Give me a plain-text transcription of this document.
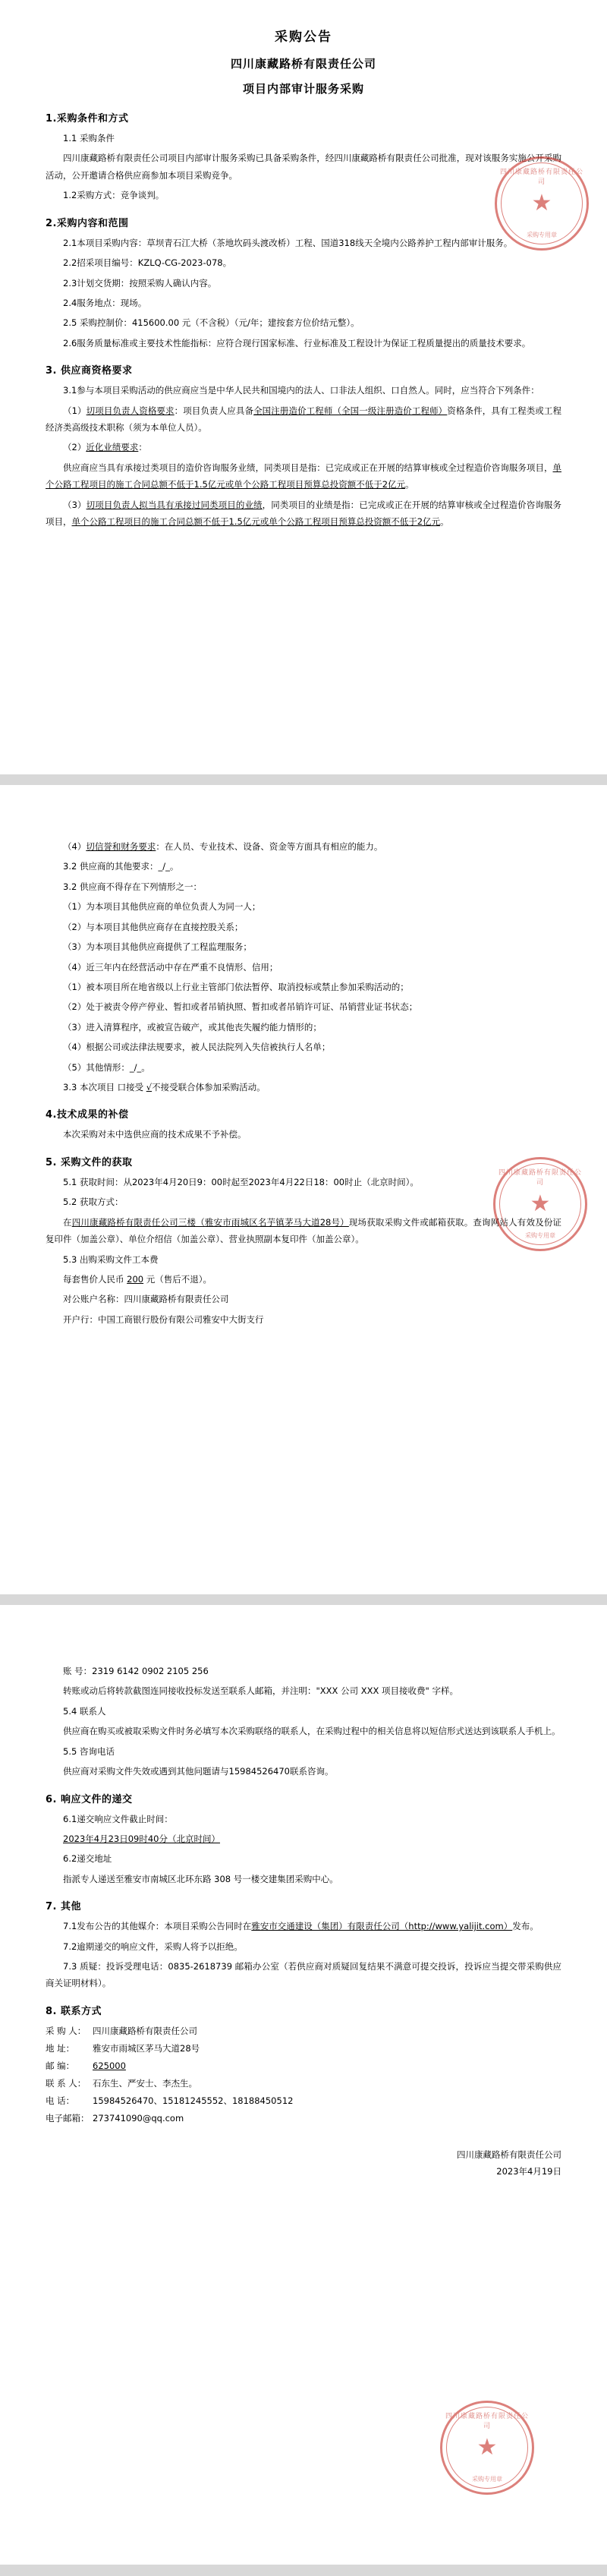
四川康藏路桥有限责任公司
★
采购专用章
采购公告
四川康藏路桥有限责任公司
项目内部审计服务采购
1.采购条件和方式

1.1 采购条件

四川康藏路桥有限责任公司项目内部审计服务采购已具备采购条件，经四川康藏路桥有限责任公司批准，现对该服务实施公开采购活动，公开邀请合格供应商参加本项目采购竞争。

1.2采购方式：竞争谈判。

2.采购内容和范围

2.1本项目采购内容：草坝青石江大桥（茶地坎码头渡改桥）工程、国道318线天全境内公路养护工程内部审计服务。

2.2招采项目编号：KZLQ-CG-2023-078。

2.3计划交货期：按照采购人确认内容。

2.4服务地点：现场。

2.5 采购控制价：415600.00 元（不含税）（元/年；建按套方位价结元整）。

2.6服务质量标准或主要技术性能指标：应符合现行国家标准、行业标准及工程设计为保证工程质量提出的质量技术要求。

3. 供应商资格要求

3.1参与本项目采购活动的供应商应当是中华人民共和国境内的法人、口非法人组织、口自然人。同时，应当符合下列条件：

（1）切项目负责人资格要求：项目负责人应具备全国注册造价工程师（全国一级注册造价工程师）资格条件，具有工程类或工程经济类高级技术职称（须为本单位人员）。

（2）近化业绩要求：

供应商应当具有承接过类项目的造价咨询服务业绩，同类项目是指：已完成或正在开展的结算审核或全过程造价咨询服务项目，单个公路工程项目的施工合同总额不低于1.5亿元或单个公路工程项目预算总投资额不低于2亿元。

（3）切项目负责人拟当具有承接过同类项目的业绩，同类项目的业绩是指：已完成或正在开展的结算审核或全过程造价咨询服务项目，单个公路工程项目的施工合同总额不低于1.5亿元或单个公路工程项目预算总投资额不低于2亿元。

四川康藏路桥有限责任公司
★
采购专用章

（4）切信誉和财务要求：在人员、专业技术、设备、资金等方面具有相应的能力。

3.2 供应商的其他要求：_/_。

3.2 供应商不得存在下列情形之一：

（1）为本项目其他供应商的单位负责人为同一人；

（2）与本项目其他供应商存在直接控股关系；

（3）为本项目其他供应商提供了工程监理服务；

（4）近三年内在经营活动中存在严重不良情形、信用；

（1）被本项目所在地省级以上行业主管部门依法暂停、取消投标或禁止参加采购活动的；

（2）处于被责令停产停业、暂扣或者吊销执照、暂扣或者吊销许可证、吊销营业证书状态；

（3）进入清算程序，或被宣告破产，或其他丧失履约能力情形的；

（4）根据公司或法律法规要求，被人民法院列入失信被执行人名单；

（5）其他情形：_/_。

3.3 本次项目 口接受 √不接受联合体参加采购活动。

4.技术成果的补偿

本次采购对未中选供应商的技术成果不予补偿。

5. 采购文件的获取

5.1 获取时间：从2023年4月20日9：00时起至2023年4月22日18：00时止（北京时间）。

5.2 获取方式：

在四川康藏路桥有限责任公司三楼（雅安市雨城区名芋镇茅马大道28号）现场获取采购文件或邮箱获取。查询网站人有效及份证复印件（加盖公章）、单位介绍信（加盖公章）、营业执照副本复印件（加盖公章）。

5.3 出购采购文件工本费

每套售价人民币 200 元（售后不退）。

对公账户名称：四川康藏路桥有限责任公司

开户行：中国工商银行股份有限公司雅安中大街支行

四川康藏路桥有限责任公司
★
采购专用章

账 号：2319 6142 0902 2105 256

转账或动后将转款截图连同接收投标发送至联系人邮箱，并注明："XXX 公司 XXX 项目接收费" 字样。

5.4 联系人

供应商在购买或被取采购文件时务必填写本次采购联络的联系人，在采购过程中的相关信息将以短信形式送达到该联系人手机上。

5.5 咨询电话

供应商对采购文件失效或遇到其他问题请与15984526470联系咨询。

6. 响应文件的递交

6.1递交响应文件截止时间：

2023年4月23日09时40分（北京时间）

6.2递交地址

指派专人递送至雅安市南城区北环东路 308 号一楼交建集团采购中心。

7. 其他

7.1发布公告的其他媒介：本项目采购公告同时在雅安市交通建设（集团）有限责任公司（http://www.yalijit.com）发布。

7.2逾期递交的响应文件，采购人将予以拒绝。

7.3 质疑：投诉受理电话：0835-2618739 邮箱办公室（若供应商对质疑回复结果不满意可提交投诉，投诉应当提交带采购供应商关证明材料）。

8. 联系方式
采 购 人： 四川康藏路桥有限责任公司
地 址： 雅安市雨城区茅马大道28号
邮 编： 625000
联 系 人： 石东生、严安士、李杰生。
电 话： 15984526470、15181245552、18188450512
电子邮箱： 273741090@qq.com
四川康藏路桥有限责任公司
2023年4月19日
